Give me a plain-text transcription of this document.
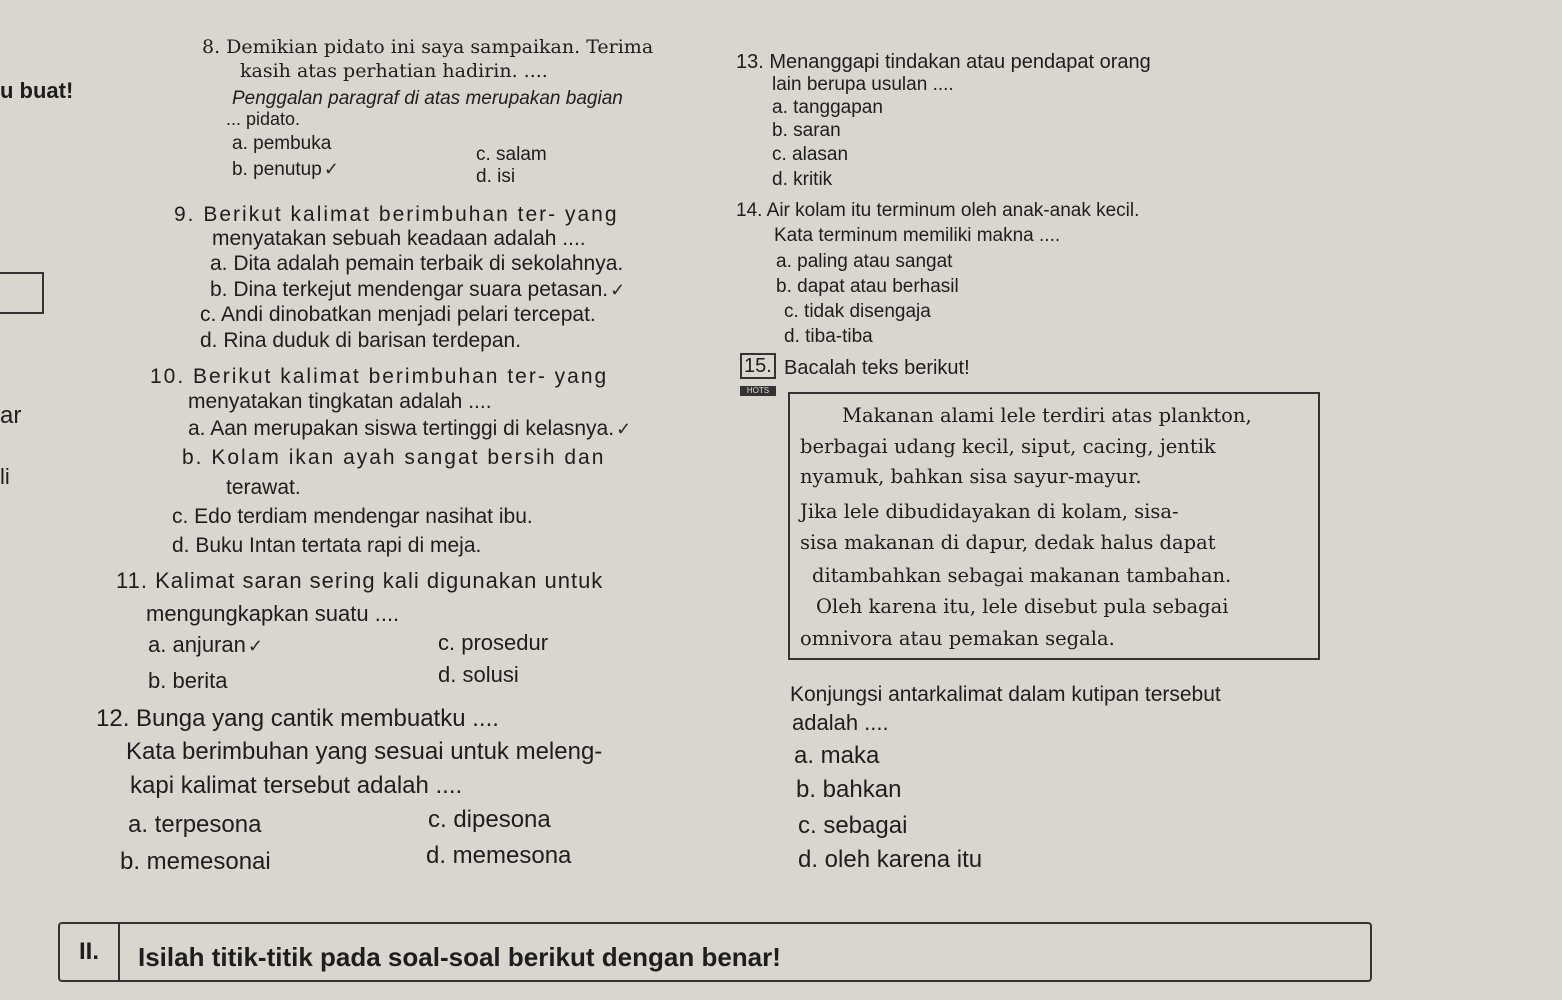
u buat!
ar
li
8. Demikian pidato ini saya sampaikan. Terima
kasih atas perhatian hadirin. ....
Penggalan paragraf di atas merupakan bagian
... pidato.
a. pembuka
b. penutup ✓
c. salam
d. isi
9. Berikut kalimat berimbuhan ter- yang
menyatakan sebuah keadaan adalah ....
a. Dita adalah pemain terbaik di sekolahnya.
b. Dina terkejut mendengar suara petasan. ✓
c. Andi dinobatkan menjadi pelari tercepat.
d. Rina duduk di barisan terdepan.
10. Berikut kalimat berimbuhan ter- yang
menyatakan tingkatan adalah ....
a. Aan merupakan siswa tertinggi di kelasnya. ✓
b. Kolam ikan ayah sangat bersih dan
terawat.
c. Edo terdiam mendengar nasihat ibu.
d. Buku Intan tertata rapi di meja.
11. Kalimat saran sering kali digunakan untuk
mengungkapkan suatu ....
a. anjuran ✓
b. berita
c. prosedur
d. solusi
12. Bunga yang cantik membuatku ....
Kata berimbuhan yang sesuai untuk meleng-
kapi kalimat tersebut adalah ....
a. terpesona
b. memesonai
c. dipesona
d. memesona
13. Menanggapi tindakan atau pendapat orang
lain berupa usulan ....
a. tanggapan
b. saran
c. alasan
d. kritik
14. Air kolam itu terminum oleh anak-anak kecil.
Kata terminum memiliki makna ....
a. paling atau sangat
b. dapat atau berhasil
c. tidak disengaja
d. tiba-tiba
15.
HOTS
Bacalah teks berikut!
Makanan alami lele terdiri atas plankton,
berbagai udang kecil, siput, cacing, jentik
nyamuk, bahkan sisa sayur-mayur.
Jika lele dibudidayakan di kolam, sisa-
sisa makanan di dapur, dedak halus dapat
ditambahkan sebagai makanan tambahan.
Oleh karena itu, lele disebut pula sebagai
omnivora atau pemakan segala.
Konjungsi antarkalimat dalam kutipan tersebut
adalah ....
a. maka
b. bahkan
c. sebagai
d. oleh karena itu
II.	Isilah titik-titik pada soal-soal berikut dengan benar!
